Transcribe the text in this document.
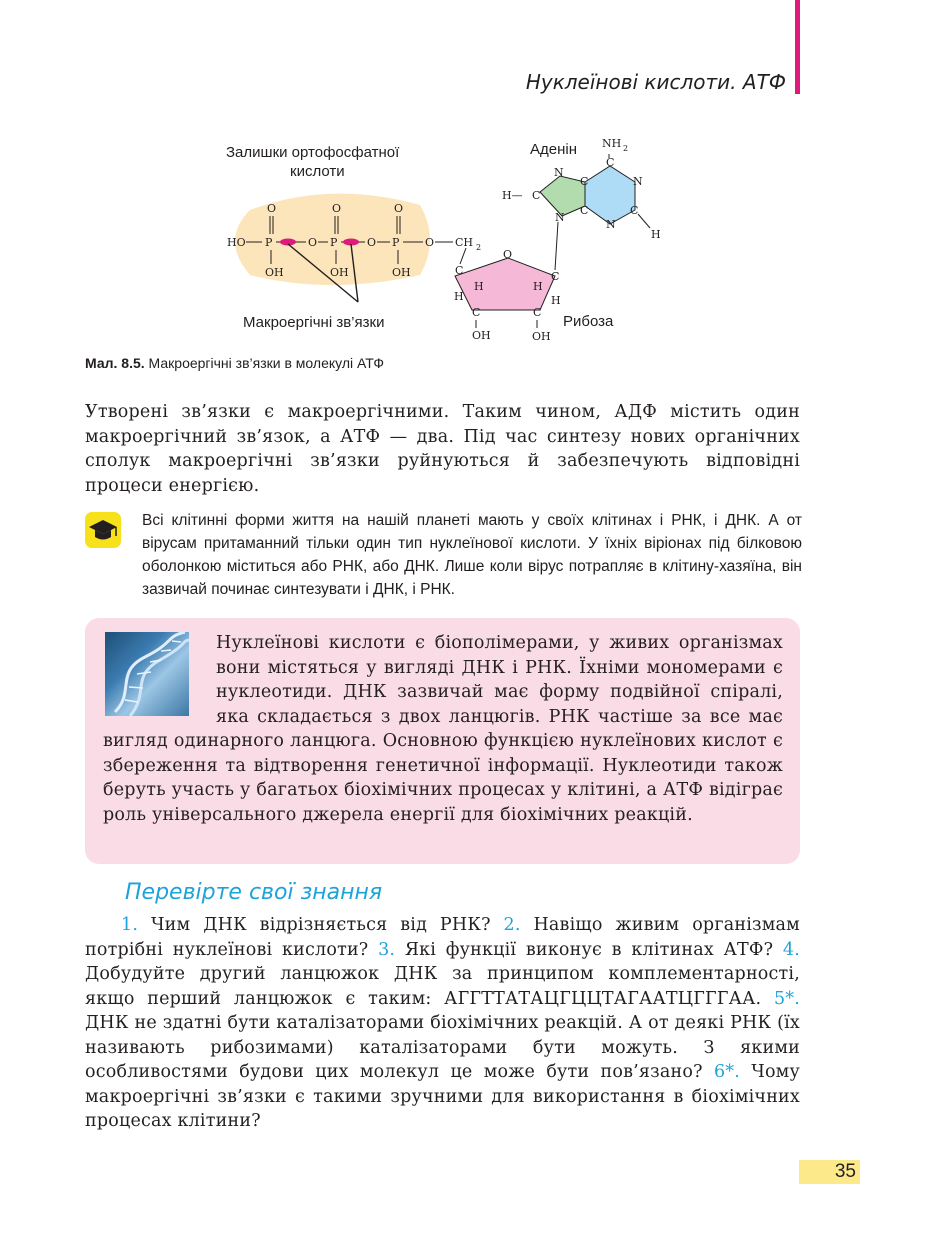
Нуклеїнові кислоти. АТФ
Залишки ортофосфатної
кислоти
Аденін
Макроергічні зв’язки	Рибоза
HO P
O
OH
O P
O
OH
O P
O
OH
O CH 2
O
C	C
C	C
H
H	H
H
OH	OH
H— C
N
N
C
C
C
N
C
N
NH 2
H
Мал. 8.5. Макроергічні зв’язки в молекулі АТФ
Утворені зв’язки є макроергічними. Таким чином, АДФ містить один макроергічний зв’язок, а АТФ — два. Під час синтезу нових органічних сполук макроергічні зв’язки руйнуються й забезпечують відповідні процеси енергією.
Всі клітинні форми життя на нашій планеті мають у своїх клітинах і РНК, і ДНК. А от вірусам притаманний тільки один тип нуклеїнової кислоти. У їхніх віріонах під білковою оболонкою міститься або РНК, або ДНК. Лише коли вірус потрапляє в клітину-хазяїна, він зазвичай починає синтезувати і ДНК, і РНК.
Нуклеїнові кислоти є біополімерами, у живих організмах вони містяться у вигляді ДНК і РНК. Їхніми мономерами є нуклеотиди. ДНК зазвичай має форму подвійної спіралі, яка складається з двох ланцюгів. РНК частіше за все має вигляд одинарного ланцюга. Основною функцією нуклеїнових кислот є збереження та відтворення генетичної інформації. Нуклеотиди також беруть участь у багатьох біохімічних процесах у клітині, а АТФ відіграє роль універсального джерела енергії для біохімічних реакцій.
Перевірте свої знання
1. Чим ДНК відрізняється від РНК? 2. Навіщо живим організмам потрібні нуклеїнові кислоти? 3. Які функції виконує в клітинах АТФ? 4. Добудуйте другий ланцюжок ДНК за принципом комплементарності, якщо перший ланцюжок є таким: АГГТТАТАЦГЦЦТАГААТЦГГГАА. 5*. ДНК не здатні бути каталізаторами біохімічних реакцій. А от деякі РНК (їх називають рибозимами) каталізаторами бути можуть. З якими особливостями будови цих молекул це може бути пов’язано? 6*. Чому макроергічні зв’язки є такими зручними для використання в біохімічних процесах клітини?
35
